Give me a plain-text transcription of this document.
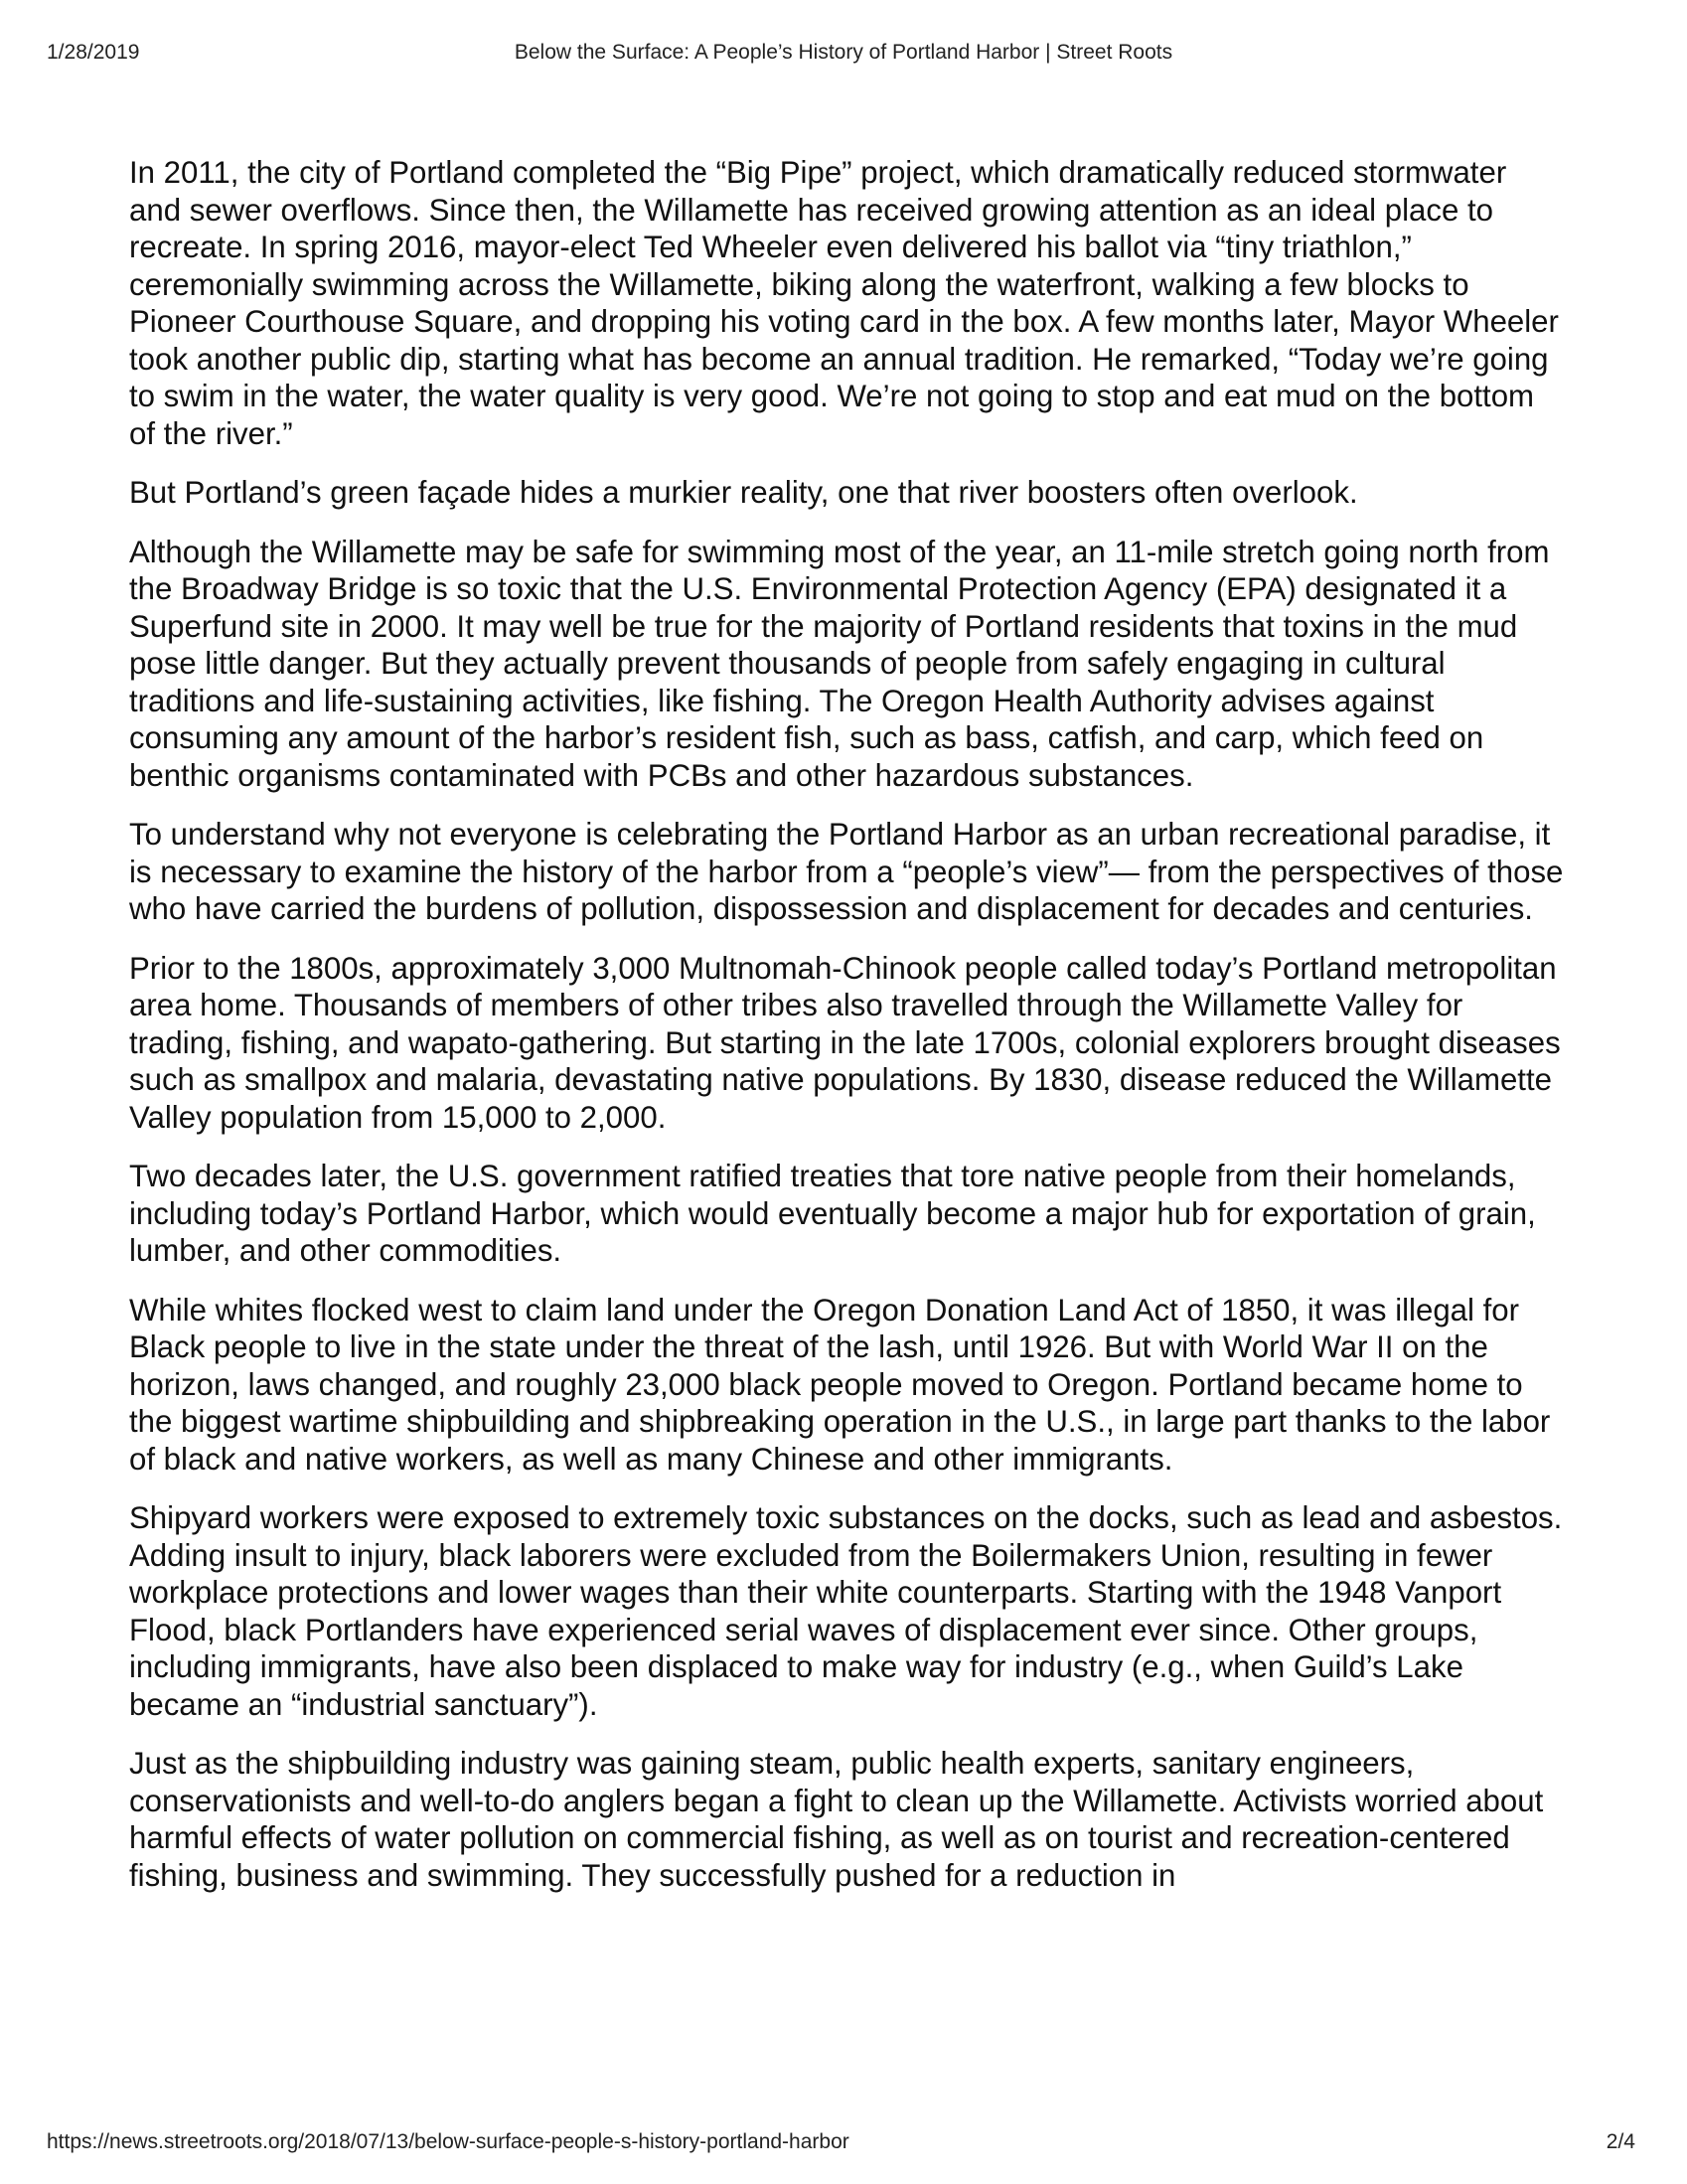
1/28/2019	Below the Surface: A People’s History of Portland Harbor | Street Roots

In 2011, the city of Portland completed the “Big Pipe” project, which dramatically reduced stormwater and sewer overflows. Since then, the Willamette has received growing attention as an ideal place to recreate. In spring 2016, mayor-elect Ted Wheeler even delivered his ballot via “tiny triathlon,” ceremonially swimming across the Willamette, biking along the waterfront, walking a few blocks to Pioneer Courthouse Square, and dropping his voting card in the box. A few months later, Mayor Wheeler took another public dip, starting what has become an annual tradition. He remarked, “Today we’re going to swim in the water, the water quality is very good. We’re not going to stop and eat mud on the bottom of the river.”

But Portland’s green façade hides a murkier reality, one that river boosters often overlook.

Although the Willamette may be safe for swimming most of the year, an 11-mile stretch going north from the Broadway Bridge is so toxic that the U.S. Environmental Protection Agency (EPA) designated it a Superfund site in 2000. It may well be true for the majority of Portland residents that toxins in the mud pose little danger. But they actually prevent thousands of people from safely engaging in cultural traditions and life-sustaining activities, like fishing. The Oregon Health Authority advises against consuming any amount of the harbor’s resident fish, such as bass, catfish, and carp, which feed on benthic organisms contaminated with PCBs and other hazardous substances.

To understand why not everyone is celebrating the Portland Harbor as an urban recreational paradise, it is necessary to examine the history of the harbor from a “people’s view”— from the perspectives of those who have carried the burdens of pollution, dispossession and displacement for decades and centuries.

Prior to the 1800s, approximately 3,000 Multnomah-Chinook people called today’s Portland metropolitan area home. Thousands of members of other tribes also travelled through the Willamette Valley for trading, fishing, and wapato-gathering. But starting in the late 1700s, colonial explorers brought diseases such as smallpox and malaria, devastating native populations. By 1830, disease reduced the Willamette Valley population from 15,000 to 2,000.

Two decades later, the U.S. government ratified treaties that tore native people from their homelands, including today’s Portland Harbor, which would eventually become a major hub for exportation of grain, lumber, and other commodities.

While whites flocked west to claim land under the Oregon Donation Land Act of 1850, it was illegal for Black people to live in the state under the threat of the lash, until 1926. But with World War II on the horizon, laws changed, and roughly 23,000 black people moved to Oregon. Portland became home to the biggest wartime shipbuilding and shipbreaking operation in the U.S., in large part thanks to the labor of black and native workers, as well as many Chinese and other immigrants.

Shipyard workers were exposed to extremely toxic substances on the docks, such as lead and asbestos. Adding insult to injury, black laborers were excluded from the Boilermakers Union, resulting in fewer workplace protections and lower wages than their white counterparts. Starting with the 1948 Vanport Flood, black Portlanders have experienced serial waves of displacement ever since. Other groups, including immigrants, have also been displaced to make way for industry (e.g., when Guild’s Lake became an “industrial sanctuary”).

Just as the shipbuilding industry was gaining steam, public health experts, sanitary engineers, conservationists and well-to-do anglers began a fight to clean up the Willamette. Activists worried about harmful effects of water pollution on commercial fishing, as well as on tourist and recreation-centered fishing, business and swimming. They successfully pushed for a reduction in

https://news.streetroots.org/2018/07/13/below-surface-people-s-history-portland-harbor	2/4
